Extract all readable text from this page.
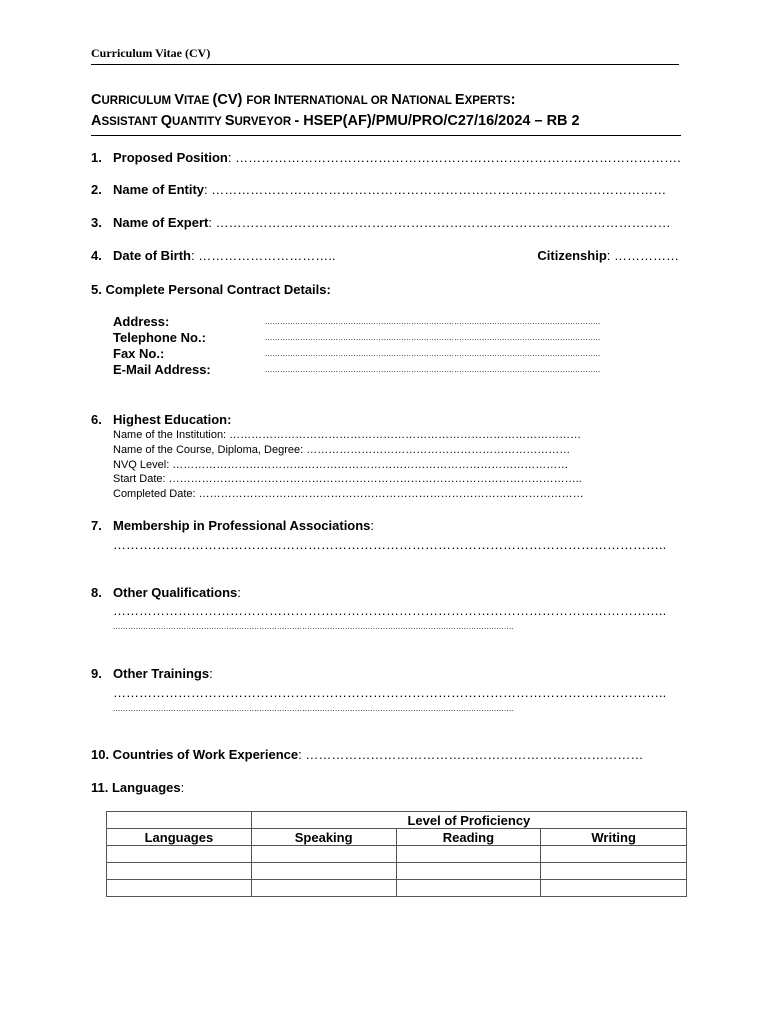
Curriculum Vitae (CV)
CURRICULUM VITAE (CV) FOR INTERNATIONAL OR NATIONAL EXPERTS:
ASSISTANT QUANTITY SURVEYOR - HSEP(AF)/PMU/PRO/C27/16/2024 – RB 2
1. Proposed Position: ………………………………………………………………………………………….
2. Name of Entity: ……………………………………………………………………………………………
3. Name of Expert: ……………………………………………………………………………………………
4. Date of Birth: …………………………..	Citizenship: ……………
5. Complete Personal Contract Details:
Address:	.....................................................................................................................................
Telephone No.:	.....................................................................................................................................
Fax No.:	.....................................................................................................................................
E-Mail Address:	.....................................................................................................................................
6. Highest Education:
Name of the Institution: ……………………………………………………………………………………
Name of the Course, Diploma, Degree: ………………………………………………………………
NVQ Level: ………………………………………………………………………………………………
Start Date: …………………………………………………………………………………………………..
Completed Date: ……………………………………………………………………………………………
7. Membership in Professional Associations:
………………………………………………………………………………………………………………..
8. Other Qualifications:
………………………………………………………………………………………………………………..
...............................................................................................................................................................
9. Other Trainings:
………………………………………………………………………………………………………………..
...............................................................................................................................................................
10. Countries of Work Experience: ……………………………………………………………………
11. Languages:
	Level of Proficiency		
Languages	Speaking	Reading	Writing
